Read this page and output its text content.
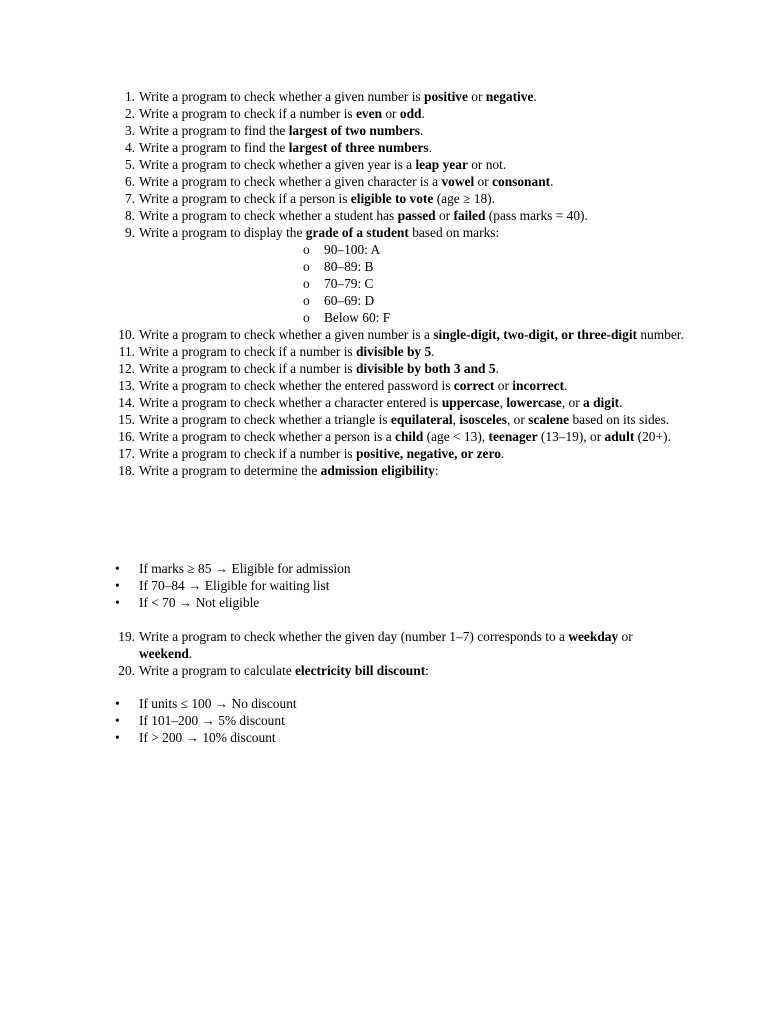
1. Write a program to check whether a given number is positive or negative.
2. Write a program to check if a number is even or odd.
3. Write a program to find the largest of two numbers.
4. Write a program to find the largest of three numbers.
5. Write a program to check whether a given year is a leap year or not.
6. Write a program to check whether a given character is a vowel or consonant.
7. Write a program to check if a person is eligible to vote (age ≥ 18).
8. Write a program to check whether a student has passed or failed (pass marks = 40).
9. Write a program to display the grade of a student based on marks:
o 90–100: A
o 80–89: B
o 70–79: C
o 60–69: D
o Below 60: F
10. Write a program to check whether a given number is a single-digit, two-digit, or three-digit number.
11. Write a program to check if a number is divisible by 5.
12. Write a program to check if a number is divisible by both 3 and 5.
13. Write a program to check whether the entered password is correct or incorrect.
14. Write a program to check whether a character entered is uppercase, lowercase, or a digit.
15. Write a program to check whether a triangle is equilateral, isosceles, or scalene based on its sides.
16. Write a program to check whether a person is a child (age < 13), teenager (13–19), or adult (20+).
17. Write a program to check if a number is positive, negative, or zero.
18. Write a program to determine the admission eligibility:
• If marks ≥ 85 → Eligible for admission
• If 70–84 → Eligible for waiting list
• If < 70 → Not eligible
19. Write a program to check whether the given day (number 1–7) corresponds to a weekday or weekend.
20. Write a program to calculate electricity bill discount:
• If units ≤ 100 → No discount
• If 101–200 → 5% discount
• If > 200 → 10% discount
